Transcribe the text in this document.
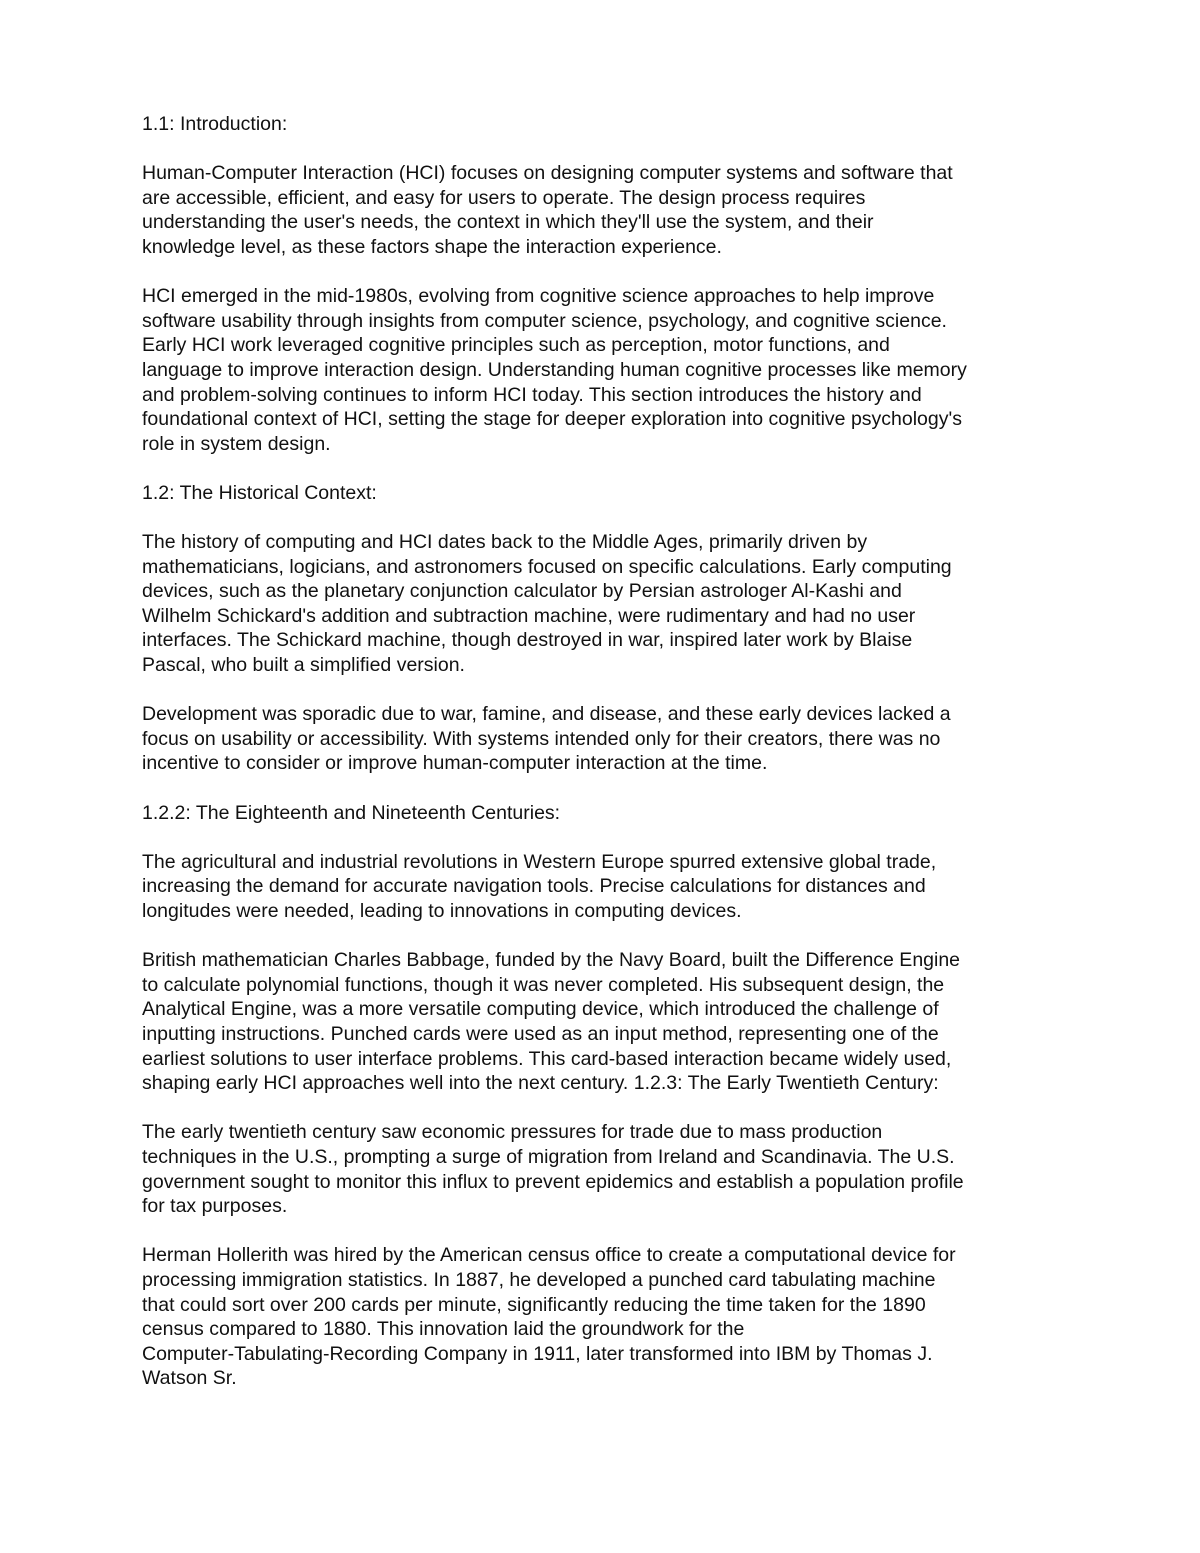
1.1: Introduction:

Human-Computer Interaction (HCI) focuses on designing computer systems and software that
are accessible, efficient, and easy for users to operate. The design process requires
understanding the user's needs, the context in which they'll use the system, and their
knowledge level, as these factors shape the interaction experience.

HCI emerged in the mid-1980s, evolving from cognitive science approaches to help improve
software usability through insights from computer science, psychology, and cognitive science.
Early HCI work leveraged cognitive principles such as perception, motor functions, and
language to improve interaction design. Understanding human cognitive processes like memory
and problem-solving continues to inform HCI today. This section introduces the history and
foundational context of HCI, setting the stage for deeper exploration into cognitive psychology's
role in system design.

1.2: The Historical Context:

The history of computing and HCI dates back to the Middle Ages, primarily driven by
mathematicians, logicians, and astronomers focused on specific calculations. Early computing
devices, such as the planetary conjunction calculator by Persian astrologer Al-Kashi and
Wilhelm Schickard's addition and subtraction machine, were rudimentary and had no user
interfaces. The Schickard machine, though destroyed in war, inspired later work by Blaise
Pascal, who built a simplified version.

Development was sporadic due to war, famine, and disease, and these early devices lacked a
focus on usability or accessibility. With systems intended only for their creators, there was no
incentive to consider or improve human-computer interaction at the time.

1.2.2: The Eighteenth and Nineteenth Centuries:

The agricultural and industrial revolutions in Western Europe spurred extensive global trade,
increasing the demand for accurate navigation tools. Precise calculations for distances and
longitudes were needed, leading to innovations in computing devices.

British mathematician Charles Babbage, funded by the Navy Board, built the Difference Engine
to calculate polynomial functions, though it was never completed. His subsequent design, the
Analytical Engine, was a more versatile computing device, which introduced the challenge of
inputting instructions. Punched cards were used as an input method, representing one of the
earliest solutions to user interface problems. This card-based interaction became widely used,
shaping early HCI approaches well into the next century. 1.2.3: The Early Twentieth Century:

The early twentieth century saw economic pressures for trade due to mass production
techniques in the U.S., prompting a surge of migration from Ireland and Scandinavia. The U.S.
government sought to monitor this influx to prevent epidemics and establish a population profile
for tax purposes.

Herman Hollerith was hired by the American census office to create a computational device for
processing immigration statistics. In 1887, he developed a punched card tabulating machine
that could sort over 200 cards per minute, significantly reducing the time taken for the 1890
census compared to 1880. This innovation laid the groundwork for the
Computer-Tabulating-Recording Company in 1911, later transformed into IBM by Thomas J.
Watson Sr.
